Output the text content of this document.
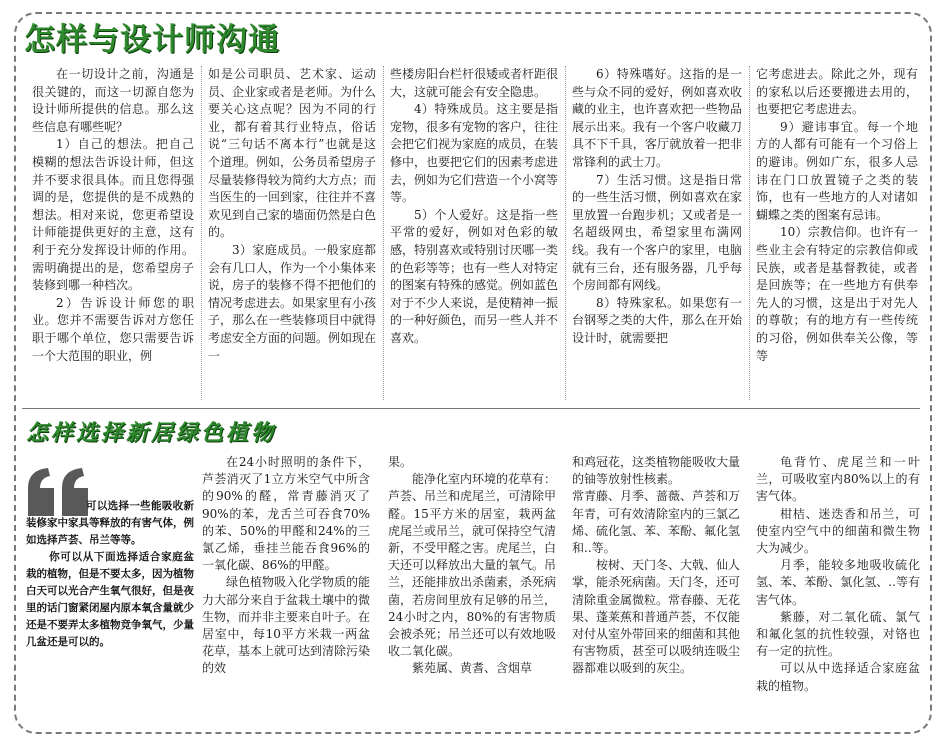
怎样与设计师沟通

在一切设计之前，沟通是很关键的，而这一切源自您为设计师所提供的信息。那么这些信息有哪些呢？

1）自己的想法。把自己模糊的想法告诉设计师，但这并不要求很具体。而且您得强调的是，您提供的是不成熟的想法。相对来说，您更希望设计师能提供更好的主意，这有利于充分发挥设计师的作用。需明确提出的是，您希望房子装修到哪一种档次。

2）告诉设计师您的职业。您并不需要告诉对方您任职于哪个单位，您只需要告诉一个大范围的职业，例

如是公司职员、艺术家、运动员、企业家或者是老师。为什么要关心这点呢？因为不同的行业，都有着其行业特点，俗话说“三句话不离本行”也就是这个道理。例如，公务员希望房子尽量装修得较为简约大方点；而当医生的一回到家，往往并不喜欢见到自己家的墙面仍然是白色的。

3）家庭成员。一般家庭都会有几口人，作为一个小集体来说，房子的装修不得不把他们的情况考虑进去。如果家里有小孩子，那么在一些装修项目中就得考虑安全方面的问题。例如现在一

些楼房阳台栏杆很矮或者杆距很大，这就可能会有安全隐患。

4）特殊成员。这主要是指宠物，很多有宠物的客户，往往会把它们视为家庭的成员，在装修中，也要把它们的因素考虑进去，例如为它们营造一个小窝等等。

5）个人爱好。这是指一些平常的爱好，例如对色彩的敏感，特别喜欢或特别讨厌哪一类的色彩等等；也有一些人对特定的图案有特殊的感觉。例如蓝色对于不少人来说，是使精神一振的一种好颜色，而另一些人并不喜欢。

6）特殊嗜好。这指的是一些与众不同的爱好，例如喜欢收藏的业主，也许喜欢把一些物品展示出来。我有一个客户收藏刀具不下千具，客厅就放着一把非常锋利的武士刀。

7）生活习惯。这是指日常的一些生活习惯，例如喜欢在家里放置一台跑步机；又或者是一名超级网虫，希望家里布满网线。我有一个客户的家里，电脑就有三台，还有服务器，几乎每个房间都有网线。

8）特殊家私。如果您有一台钢琴之类的大件，那么在开始设计时，就需要把

它考虑进去。除此之外，现有的家私以后还要搬进去用的，也要把它考虑进去。

9）避讳事宜。每一个地方的人都有可能有一个习俗上的避讳。例如广东，很多人忌讳在门口放置镜子之类的装饰，也有一些地方的人对诸如蝴蝶之类的图案有忌讳。

10）宗教信仰。也许有一些业主会有特定的宗教信仰或民族，或者是基督教徒，或者是回族等；在一些地方有供奉先人的习惯，这是出于对先人的尊敬；有的地方有一些传统的习俗，例如供奉关公像，等等

怎样选择新居绿色植物

可以选择一些能吸收新装修家中家具等释放的有害气体，例如选择芦荟、吊兰等等。

你可以从下面选择适合家庭盆栽的植物，但是不要太多，因为植物白天可以光合产生氧气很好，但是夜里的话门窗紧闭屋内原本氧含量就少还是不要弄太多植物竞争氧气，少量几盆还是可以的。

在24小时照明的条件下，芦荟消灭了1立方米空气中所含的90%的醛，常青藤消灭了90%的苯，龙舌兰可吞食70%的苯、50%的甲醛和24%的三氯乙烯，垂挂兰能吞食96%的一氧化碳、86%的甲醛。

绿色植物吸入化学物质的能力大部分来自于盆栽土壤中的微生物，而并非主要来自叶子。在居室中，每10平方米栽一两盆花草，基本上就可达到清除污染的效

果。

能净化室内环境的花草有：芦荟、吊兰和虎尾兰，可清除甲醛。15平方米的居室，栽两盆虎尾兰或吊兰，就可保持空气清新，不受甲醛之害。虎尾兰，白天还可以释放出大量的氧气。吊兰，还能排放出杀菌素，杀死病菌，若房间里放有足够的吊兰，24小时之内，80%的有害物质会被杀死；吊兰还可以有效地吸收二氧化碳。

紫苑属、黄耆、含烟草

和鸡冠花，这类植物能吸收大量的铀等放射性核素。

常青藤、月季、蔷薇、芦荟和万年青，可有效清除室内的三氯乙烯、硫化氢、苯、苯酚、氟化氢和..等。

桉树、天门冬、大戟、仙人掌，能杀死病菌。天门冬，还可清除重金属微粒。常春藤、无花果、蓬莱蕉和普通芦荟，不仅能对付从室外带回来的细菌和其他有害物质，甚至可以吸纳连吸尘器都难以吸到的灰尘。

龟背竹、虎尾兰和一叶兰，可吸收室内80%以上的有害气体。

柑桔、迷迭香和吊兰，可使室内空气中的细菌和微生物大为减少。

月季，能较多地吸收硫化氢、苯、苯酚、氯化氢、..等有害气体。

紫藤，对二氧化硫、氯气和氟化氢的抗性较强，对铬也有一定的抗性。

可以从中选择适合家庭盆栽的植物。
